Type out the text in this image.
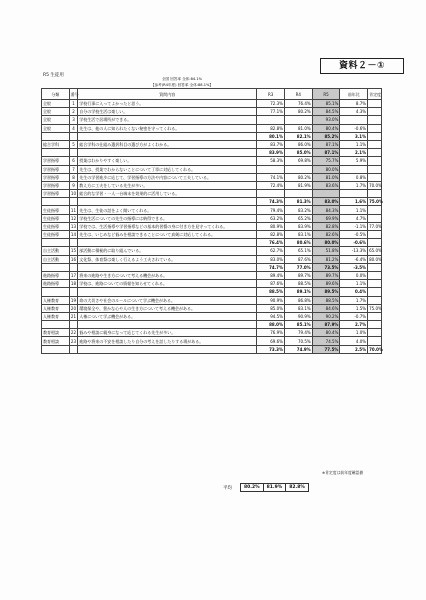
資料２－①
R5 生徒用
全国 回答率 全体:84.1%
【参考(R4年度) 回答率 全体:88.1%】
分類	番号	質問内容	R3	R4	R5	前年比	肯定度
全般	1	学校行事に入ってよかったと思う。	72.3%	76.4%	85.1%	8.7%	
全般	2	自分の学校生活は楽しい。	77.1%	80.2%	84.5%	4.3%	
全般	3	学校生活で居場所ができる。			93.0%		
全般	4	先生は、他の人に知られたくない秘密を守ってくれる。	82.8%	81.0%	80.4%	-0.6%	
			80.1%	82.1%	85.2%	3.1%	
総合学科	5	総合学科の仕組み選択科目の選び方がよくわかる。	83.7%	86.0%	87.1%	1.1%	
			83.9%	85.0%	87.1%	2.1%	
学習指導	6	授業はわかりやすく楽しい。	58.3%	69.8%	75.7%	5.9%	
学習指導	7	先生は、授業でわからないことについて丁寧に対応してくれる。			80.0%		
学習指導	8	先生の学習進歩に応じて、学習指導の方法や内容について工夫している。	74.1%	80.2%	81.0%	0.8%	
学習指導	9	教え方に工夫をしている先生が多い。	72.4%	81.9%	83.6%	1.7%	70.0%
学習指導	10	総合的な学習・一人一台端末を効果的に活用している。					
			74.3%	81.3%	83.0%	1.6%	75.0%
生徒指導	11	先生は、生徒の話をよく聞いてくれる。	79.4%	83.2%	84.3%	1.1%	
生徒指導	12	学校生活についての先生の指導には納得できる。	63.2%	65.2%	69.9%	4.7%	
生徒指導	13	学校では、生活指導や学習指導などの基本的習慣の身に付き方を見守ってくれる。	80.9%	83.9%	82.8%	-1.1%	77.0%
生徒指導	14	先生は、いじめなど悩みを相談できることについて真剣に対応してくれる。	82.8%	83.1%	82.6%	-0.5%	
			76.4%	80.6%	80.0%	-0.6%	
自主活動	15	部活動に積極的に取り組んでいる。	62.7%	65.1%	51.8%	-13.3%	65.0%
自主活動	16	文化祭、体育祭は楽しく行えるよう工夫されている。	83.0%	87.6%	81.2%	-6.4%	80.0%
			74.7%	77.0%	73.5%	-3.5%	
進路指導	17	将来の進路や生き方について考える機会がある。	89.4%	89.7%	89.7%	0.0%	
進路指導	18	学校は、進路についての情報を知らせてくれる。	87.6%	88.5%	89.6%	1.1%	
			88.5%	89.1%	89.5%	0.4%	
人権教育	19	命の大切さや社会のルールについて学ぶ機会がある。	90.9%	86.8%	88.5%	1.7%	
人権教育	20	環境保全や、豊かな心や人の生き方について考える機会がある。	85.0%	83.1%	84.6%	1.5%	75.0%
人権教育	21	人権について学ぶ機会がある。	94.5%	90.9%	90.2%	-0.7%	
			88.0%	85.1%	87.9%	2.7%	
教育相談	22	悩みや相談に親身になって応じてくれる先生が多い。	76.9%	79.4%	80.4%	1.0%	
教育相談	23	進路や将来の不安を相談したり自分の考えを話したりする場がある。	69.6%	70.5%	74.5%	4.0%	
			73.3%	74.9%	77.5%	2.5%	70.0%
※肯定度は前年度確認値
平均	80.2%	81.9%	82.8%
